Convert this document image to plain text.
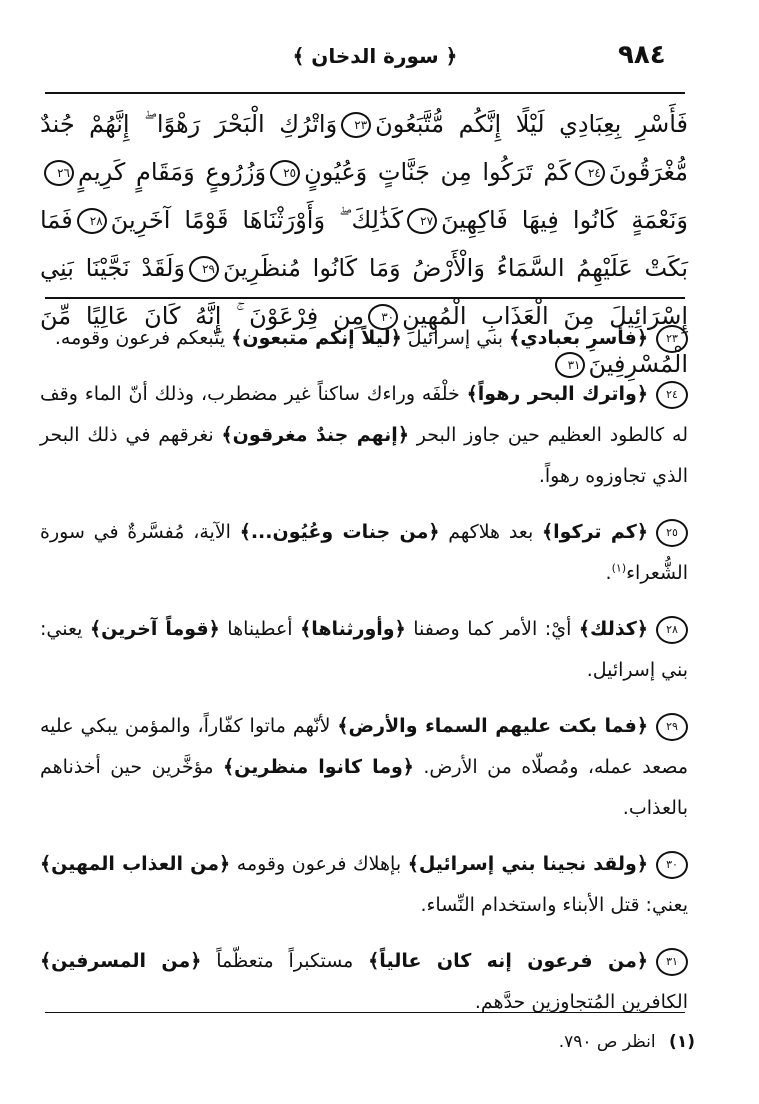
٩٨٤
﴿ سورة الدخان ﴾
فَأَسْرِ بِعِبَادِي لَيْلًا إِنَّكُم مُّتَّبَعُونَ٢٣وَاتْرُكِ الْبَحْرَ رَهْوًا ۖ إِنَّهُمْ جُندٌ مُّغْرَقُونَ٢٤كَمْ تَرَكُوا مِن جَنَّاتٍ وَعُيُونٍ٢٥وَزُرُوعٍ وَمَقَامٍ كَرِيمٍ٢٦وَنَعْمَةٍ كَانُوا فِيهَا فَاكِهِينَ٢٧كَذَٰلِكَ ۖ وَأَوْرَثْنَاهَا قَوْمًا آخَرِينَ٢٨فَمَا بَكَتْ عَلَيْهِمُ السَّمَاءُ وَالْأَرْضُ وَمَا كَانُوا مُنظَرِينَ٢٩وَلَقَدْ نَجَّيْنَا بَنِي إِسْرَائِيلَ مِنَ الْعَذَابِ الْمُهِينِ٣٠مِن فِرْعَوْنَ ۚ إِنَّهُ كَانَ عَالِيًا مِّنَ الْمُسْرِفِينَ٣١

٢٣﴿فأسرِ بعبادي﴾ بني إسرائيل ﴿ليلاً إنكم متبعون﴾ يتّبعكم فرعون وقومه.

٢٤﴿واترك البحر رهواً﴾ خلْفَه وراءك ساكناً غير مضطرب، وذلك أنّ الماء وقف له كالطود العظيم حين جاوز البحر ﴿إنهم جندٌ مغرقون﴾ نغرقهم في ذلك البحر الذي تجاوزوه رهواً.

٢٥﴿كم تركوا﴾ بعد هلاكهم ﴿من جنات وعُيُون...﴾ الآية، مُفسَّرةٌ في سورة الشُّعراء$^{(١)}$.

٢٨﴿كذلك﴾ أيْ: الأمر كما وصفنا ﴿وأورثناها﴾ أعطيناها ﴿قوماً آخرين﴾ يعني: بني إسرائيل.

٢٩﴿فما بكت عليهم السماء والأرض﴾ لأنّهم ماتوا كفّاراً، والمؤمن يبكي عليه مصعد عمله، ومُصلّاه من الأرض. ﴿وما كانوا منظرين﴾ مؤخَّرين حين أخذناهم بالعذاب.

٣٠﴿ولقد نجينا بني إسرائيل﴾ بإهلاك فرعون وقومه ﴿من العذاب المهين﴾ يعني: قتل الأبناء واستخدام النِّساء.

٣١﴿من فرعون إنه كان عالياً﴾ مستكبراً متعظّماً ﴿من المسرفين﴾ الكافرين المُتجاوزين حدَّهم.

(١) انظر ص ٧٩٠.
